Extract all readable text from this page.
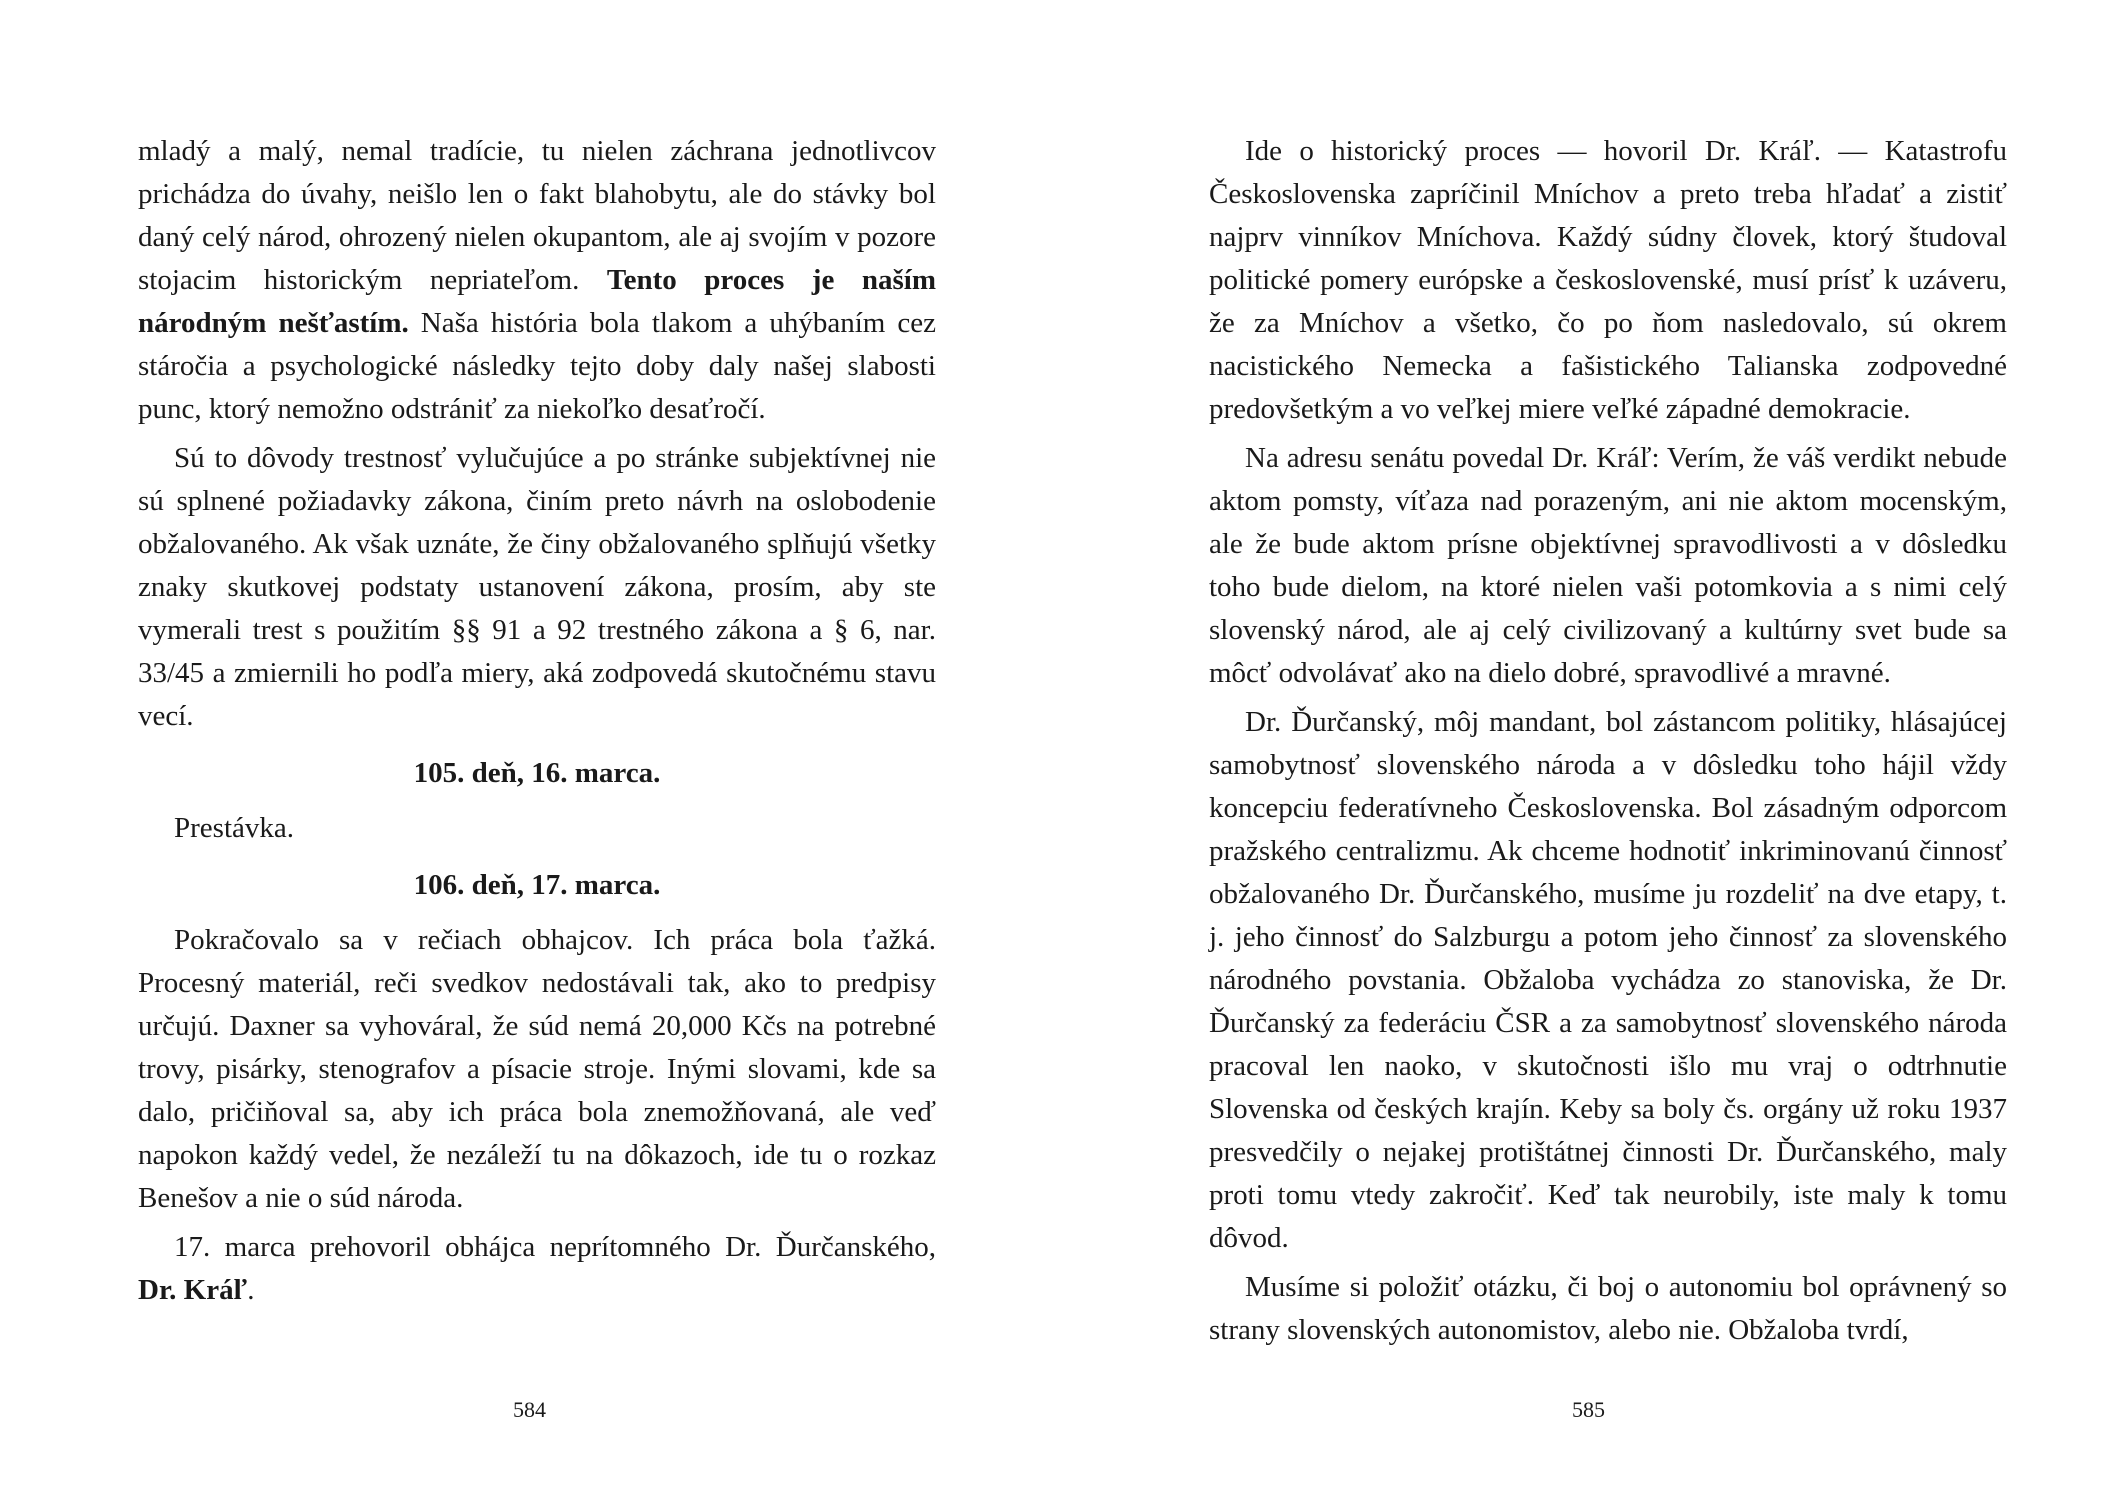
mladý a malý, nemal tradície, tu nielen záchrana jednotlivcov prichádza do úvahy, neišlo len o fakt blahobytu, ale do stávky bol daný celý národ, ohrozený nielen okupantom, ale aj svojím v pozore stojacim historickým nepriateľom. Tento proces je naším národným nešťastím. Naša história bola tlakom a uhýbaním cez stáročia a psychologické následky tejto doby daly našej slabosti punc, ktorý nemožno odstrániť za niekoľko desaťročí.

Sú to dôvody trestnosť vylučujúce a po stránke subjektívnej nie sú splnené požiadavky zákona, činím preto návrh na oslobodenie obžalovaného. Ak však uznáte, že činy obžalovaného splňujú všetky znaky skutkovej podstaty ustanovení zákona, prosím, aby ste vymerali trest s použitím §§ 91 a 92 trestného zákona a § 6, nar. 33/45 a zmiernili ho podľa miery, aká zodpovedá skutočnému stavu vecí.

105. deň, 16. marca.

Prestávka.

106. deň, 17. marca.

Pokračovalo sa v rečiach obhajcov. Ich práca bola ťažká. Procesný materiál, reči svedkov nedostávali tak, ako to predpisy určujú. Daxner sa vyhováral, že súd nemá 20,000 Kčs na potrebné trovy, pisárky, stenografov a písacie stroje. Inými slovami, kde sa dalo, pričiňoval sa, aby ich práca bola znemožňovaná, ale veď napokon každý vedel, že nezáleží tu na dôkazoch, ide tu o rozkaz Benešov a nie o súd národa.

17. marca prehovoril obhájca neprítomného Dr. Ďurčanského, Dr. Kráľ.

584

Ide o historický proces — hovoril Dr. Kráľ. — Katastrofu Československa zapríčinil Mníchov a preto treba hľadať a zistiť najprv vinníkov Mníchova. Každý súdny človek, ktorý študoval politické pomery európske a československé, musí prísť k uzáveru, že za Mníchov a všetko, čo po ňom nasledovalo, sú okrem nacistického Nemecka a fašistického Talianska zodpovedné predovšetkým a vo veľkej miere veľké západné demokracie.

Na adresu senátu povedal Dr. Kráľ: Verím, že váš verdikt nebude aktom pomsty, víťaza nad porazeným, ani nie aktom mocenským, ale že bude aktom prísne objektívnej spravodlivosti a v dôsledku toho bude dielom, na ktoré nielen vaši potomkovia a s nimi celý slovenský národ, ale aj celý civilizovaný a kultúrny svet bude sa môcť odvolávať ako na dielo dobré, spravodlivé a mravné.

Dr. Ďurčanský, môj mandant, bol zástancom politiky, hlásajúcej samobytnosť slovenského národa a v dôsledku toho hájil vždy koncepciu federatívneho Československa. Bol zásadným odporcom pražského centralizmu. Ak chceme hodnotiť inkriminovanú činnosť obžalovaného Dr. Ďurčanského, musíme ju rozdeliť na dve etapy, t. j. jeho činnosť do Salzburgu a potom jeho činnosť za slovenského národného povstania. Obžaloba vychádza zo stanoviska, že Dr. Ďurčanský za federáciu ČSR a za samobytnosť slovenského národa pracoval len naoko, v skutočnosti išlo mu vraj o odtrhnutie Slovenska od českých krajín. Keby sa boly čs. orgány už roku 1937 presvedčily o nejakej protištátnej činnosti Dr. Ďurčanského, maly proti tomu vtedy zakročiť. Keď tak neurobily, iste maly k tomu dôvod.

Musíme si položiť otázku, či boj o autonomiu bol oprávnený so strany slovenských autonomistov, alebo nie. Obžaloba tvrdí,

585
